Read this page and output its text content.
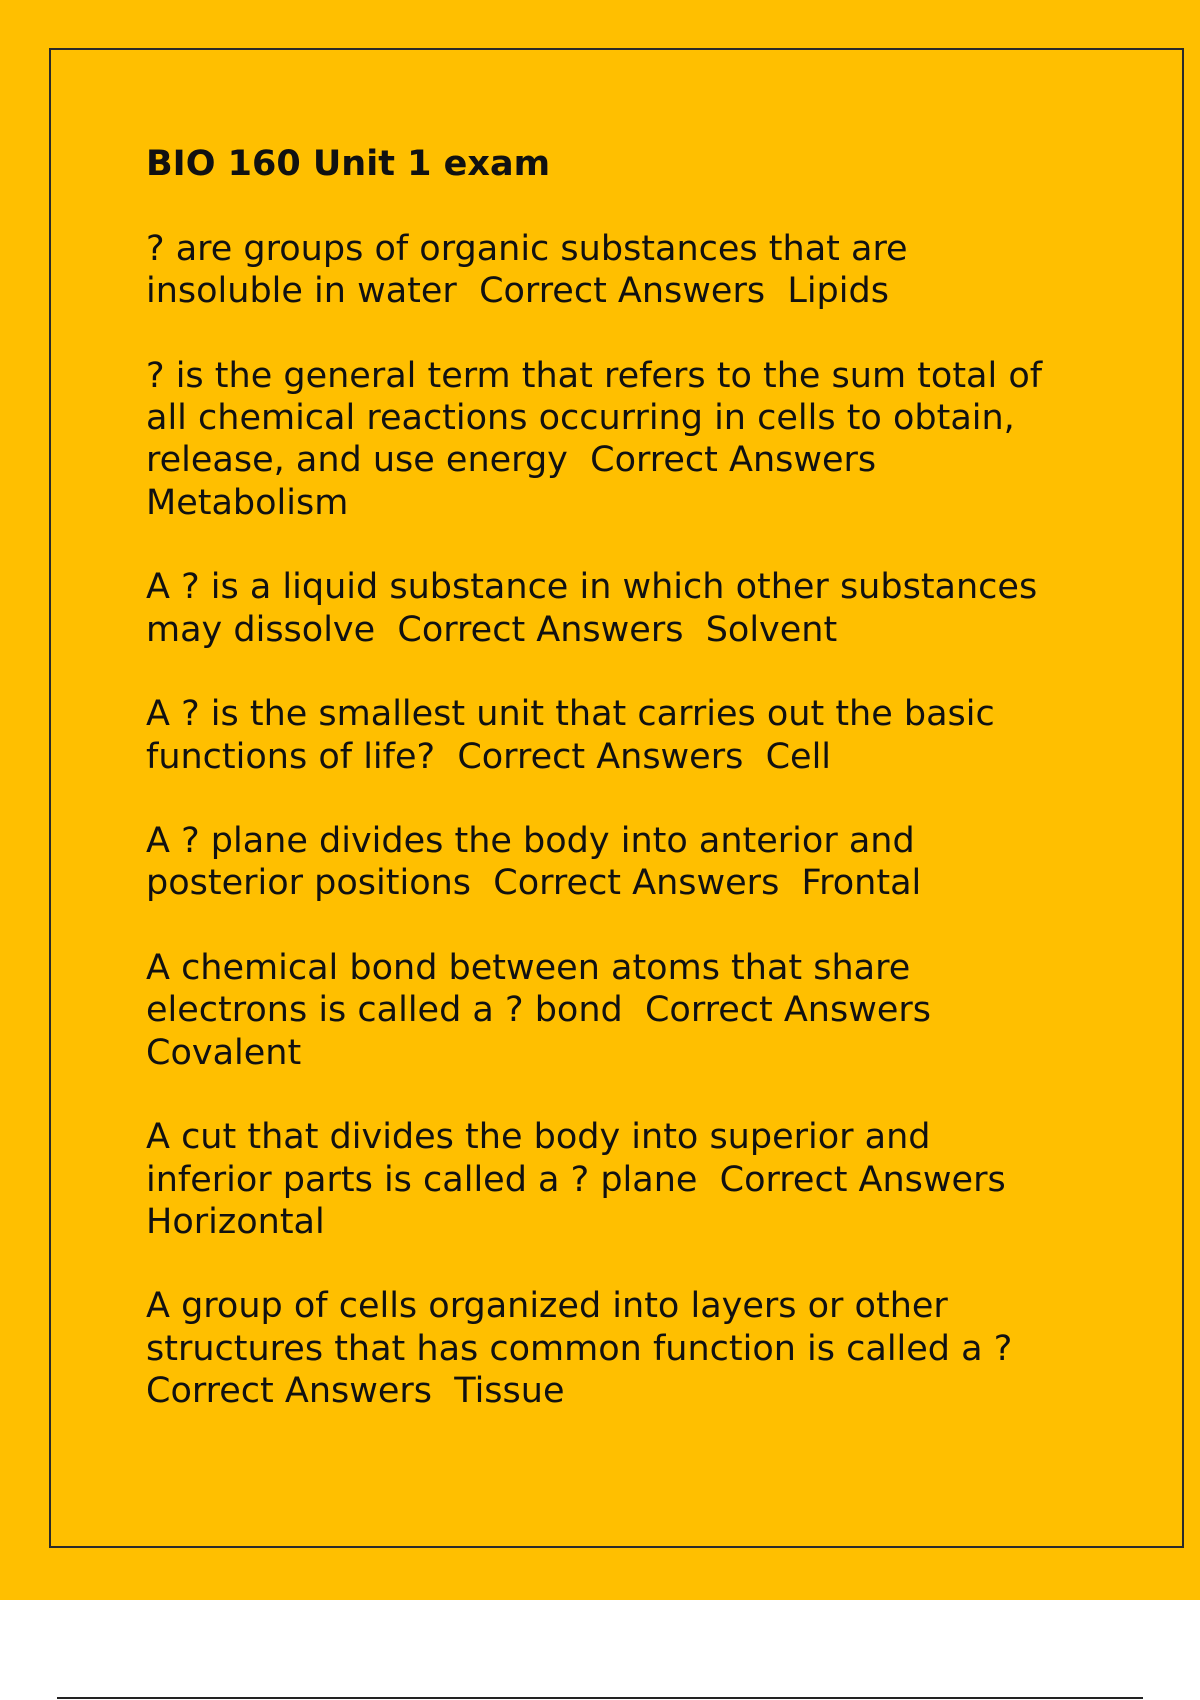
BIO 160 Unit 1 exam
? are groups of organic substances that are
insoluble in water  Correct Answers  Lipids
? is the general term that refers to the sum total of
all chemical reactions occurring in cells to obtain,
release, and use energy  Correct Answers
Metabolism
A ? is a liquid substance in which other substances
may dissolve  Correct Answers  Solvent
A ? is the smallest unit that carries out the basic
functions of life?  Correct Answers  Cell
A ? plane divides the body into anterior and
posterior positions  Correct Answers  Frontal
A chemical bond between atoms that share
electrons is called a ? bond  Correct Answers
Covalent
A cut that divides the body into superior and
inferior parts is called a ? plane  Correct Answers
Horizontal
A group of cells organized into layers or other
structures that has common function is called a ?
Correct Answers  Tissue
